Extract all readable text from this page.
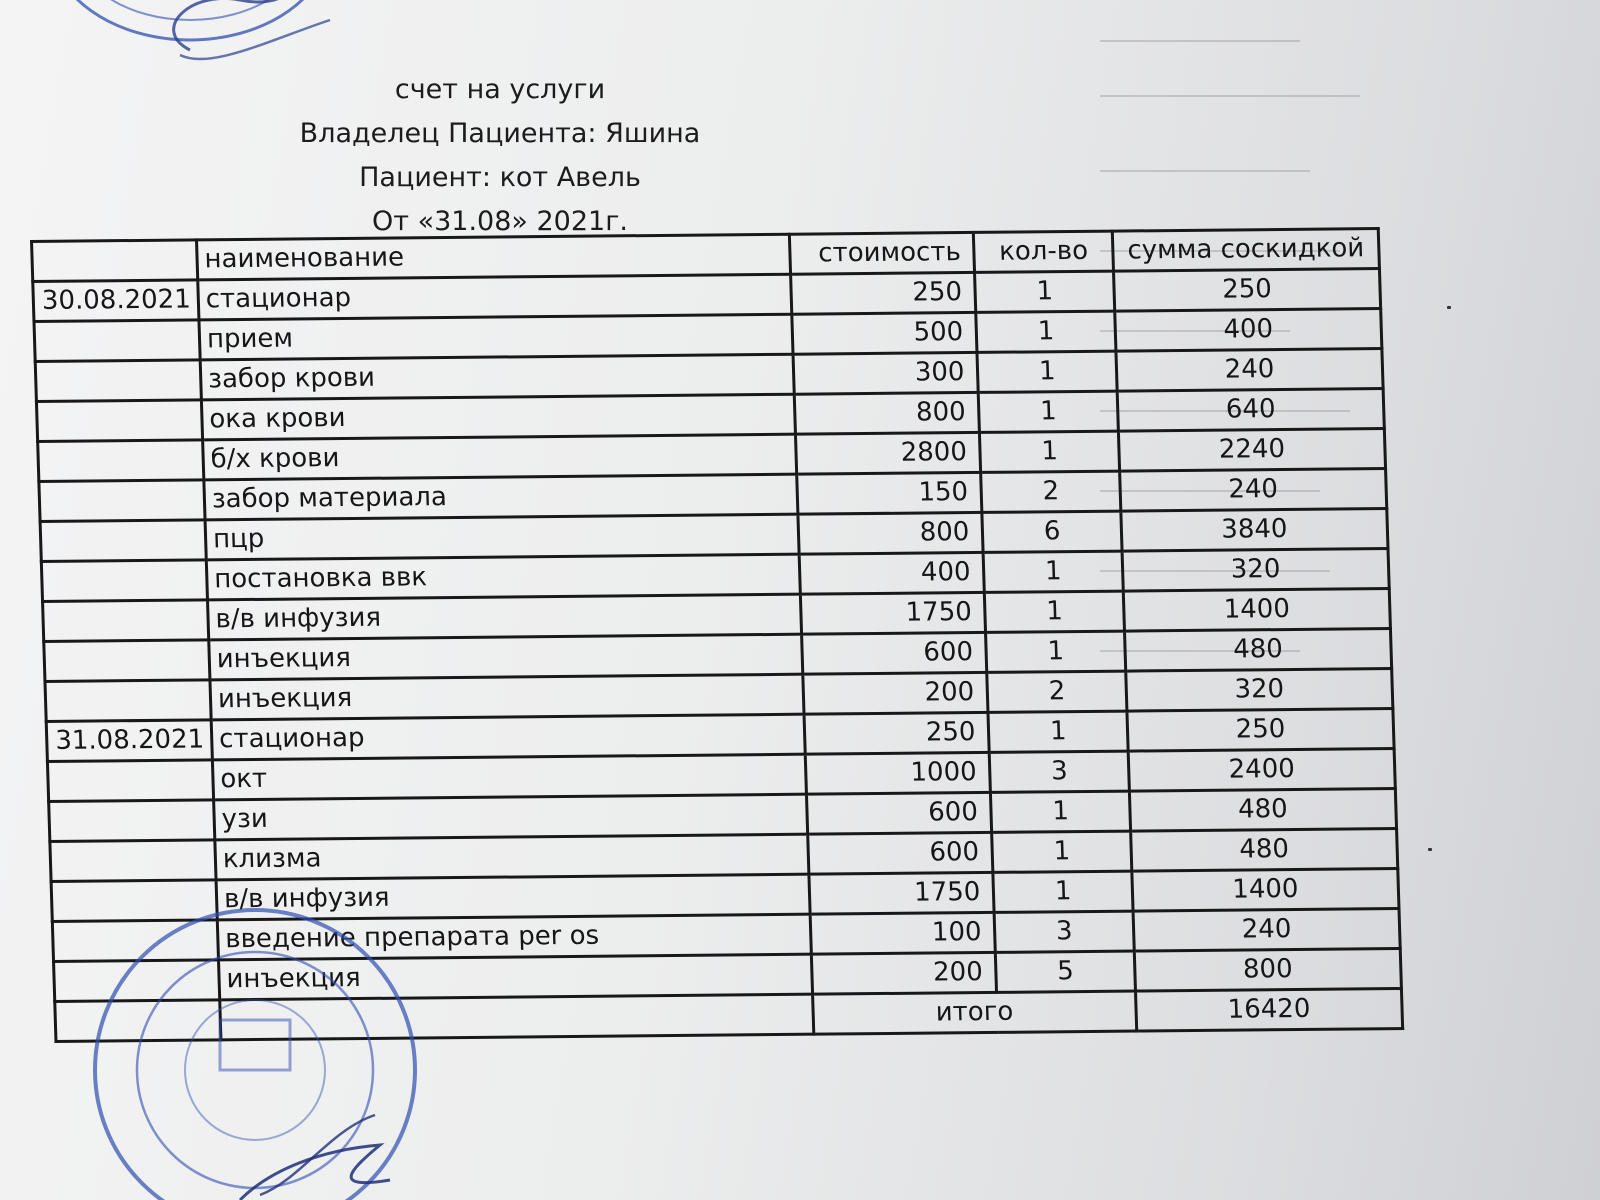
счет на услуги
Владелец Пациента: Яшина
Пациент: кот Авель
От «31.08» 2021г.
	наименование	стоимость	кол-во	сумма соскидкой
30.08.2021	стационар	250	1	250
	прием	500	1	400
	забор крови	300	1	240
	ока крови	800	1	640
	б/х крови	2800	1	2240
	забор материала	150	2	240
	пцр	800	6	3840
	постановка ввк	400	1	320
	в/в инфузия	1750	1	1400
	инъекция	600	1	480
	инъекция	200	2	320
31.08.2021	стационар	250	1	250
	окт	1000	3	2400
	узи	600	1	480
	клизма	600	1	480
	в/в инфузия	1750	1	1400
	введение препарата per os	100	3	240
	инъекция	200	5	800
		итого		16420
